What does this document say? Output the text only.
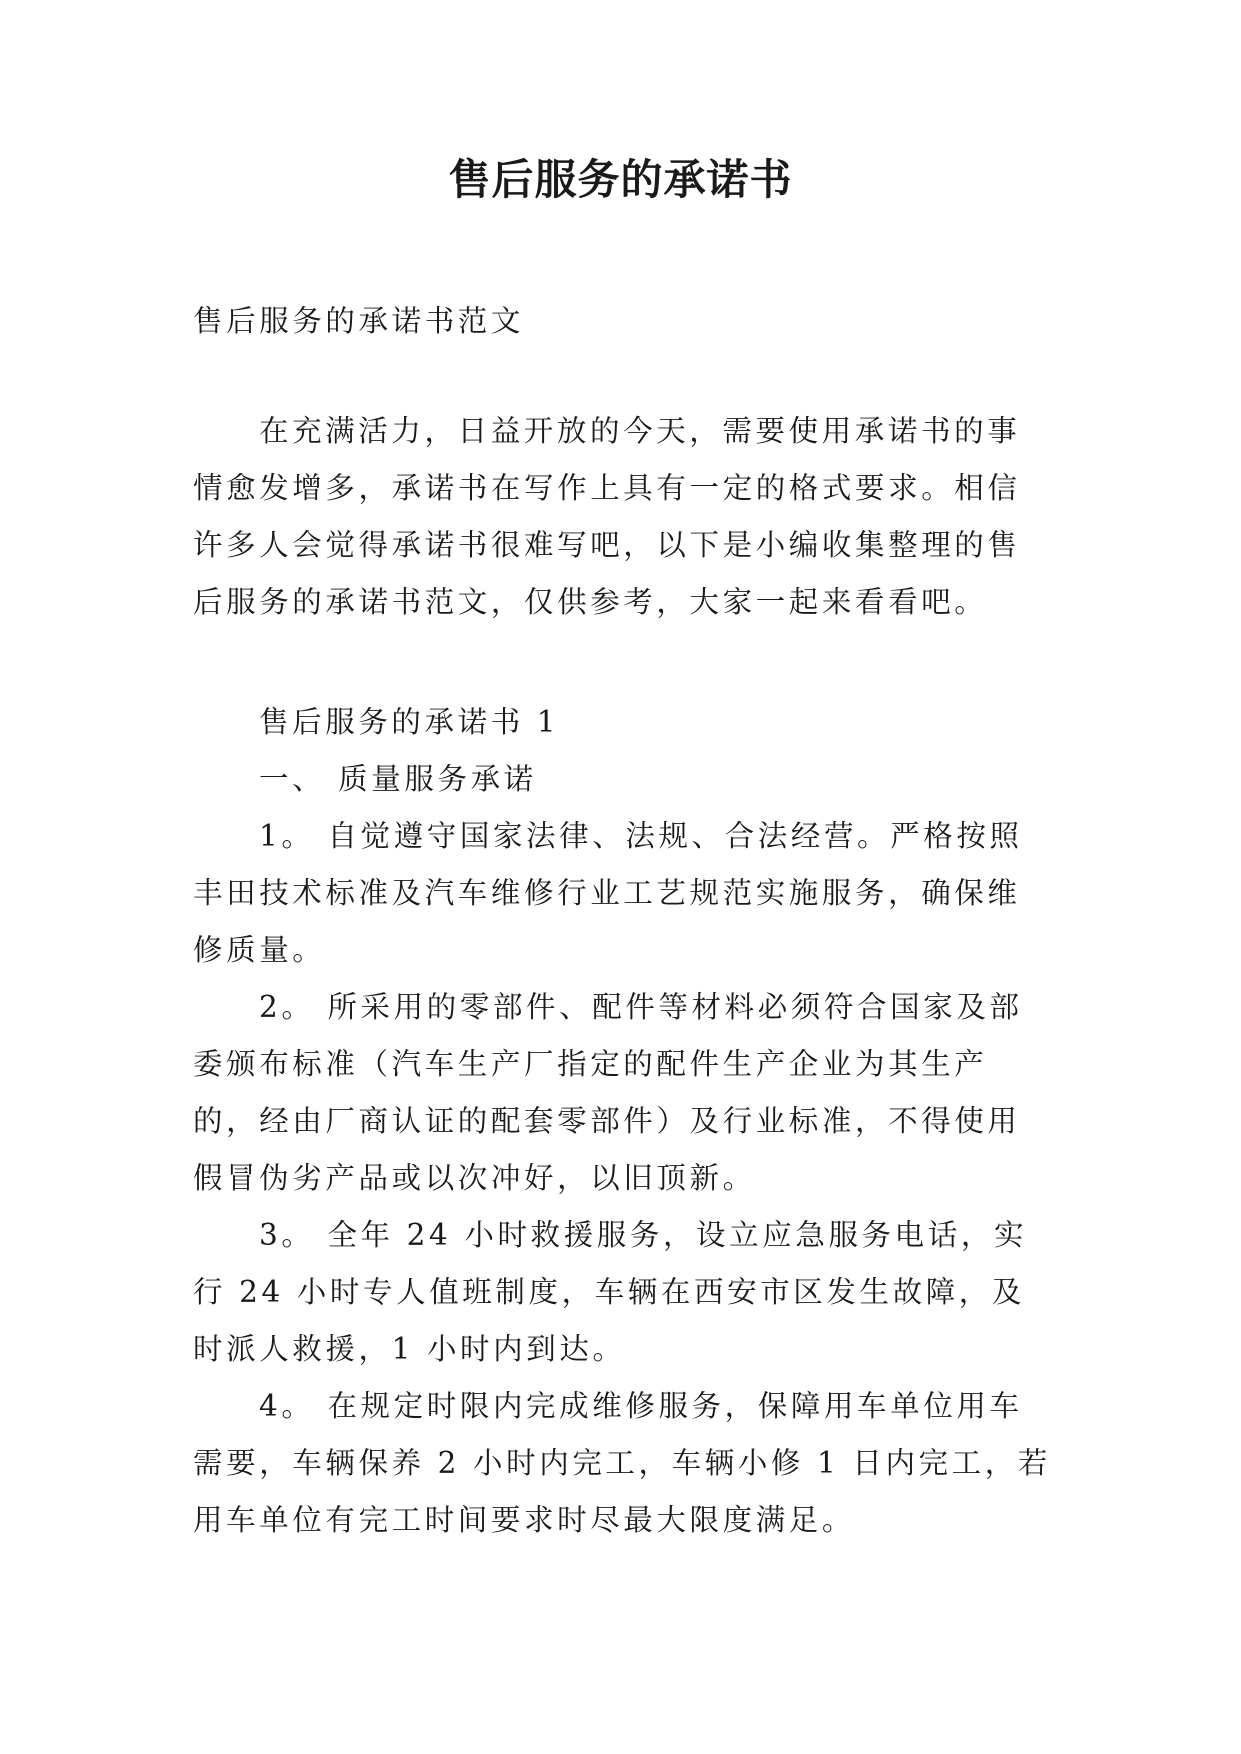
售后服务的承诺书
售后服务的承诺书范文

在充满活力，日益开放的今天，需要使用承诺书的事情愈发增多，承诺书在写作上具有一定的格式要求。相信许多人会觉得承诺书很难写吧，以下是小编收集整理的售后服务的承诺书范文，仅供参考，大家一起来看看吧。

售后服务的承诺书 1
一、 质量服务承诺

1。 自觉遵守国家法律、法规、合法经营。严格按照丰田技术标准及汽车维修行业工艺规范实施服务，确保维修质量。

2。 所采用的零部件、配件等材料必须符合国家及部委颁布标准（汽车生产厂指定的配件生产企业为其生产的，经由厂商认证的配套零部件）及行业标准，不得使用假冒伪劣产品或以次冲好，以旧顶新。

3。 全年 24 小时救援服务，设立应急服务电话，实行 24 小时专人值班制度，车辆在西安市区发生故障，及时派人救援，1 小时内到达。

4。 在规定时限内完成维修服务，保障用车单位用车需要，车辆保养 2 小时内完工，车辆小修 1 日内完工，若用车单位有完工时间要求时尽最大限度满足。
